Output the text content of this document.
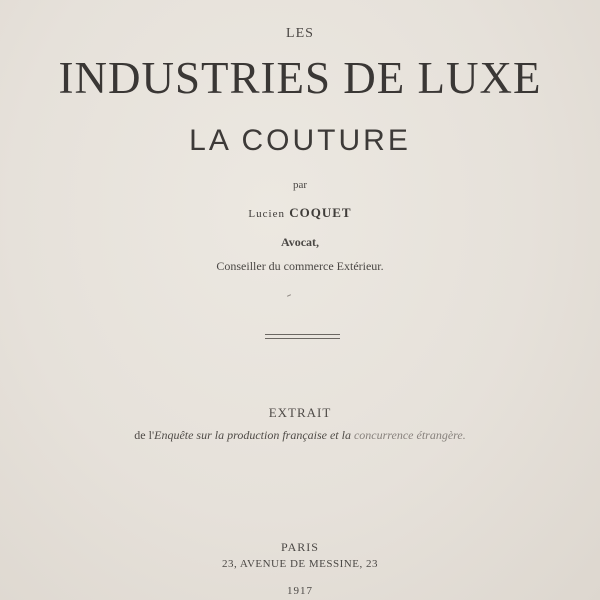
LES
INDUSTRIES DE LUXE
LA COUTURE
par
Lucien COQUET
Avocat,
Conseiller du commerce Extérieur.
EXTRAIT
de l'Enquête sur la production française et la concurrence étrangère.
PARIS
23, AVENUE DE MESSINE, 23
1917
